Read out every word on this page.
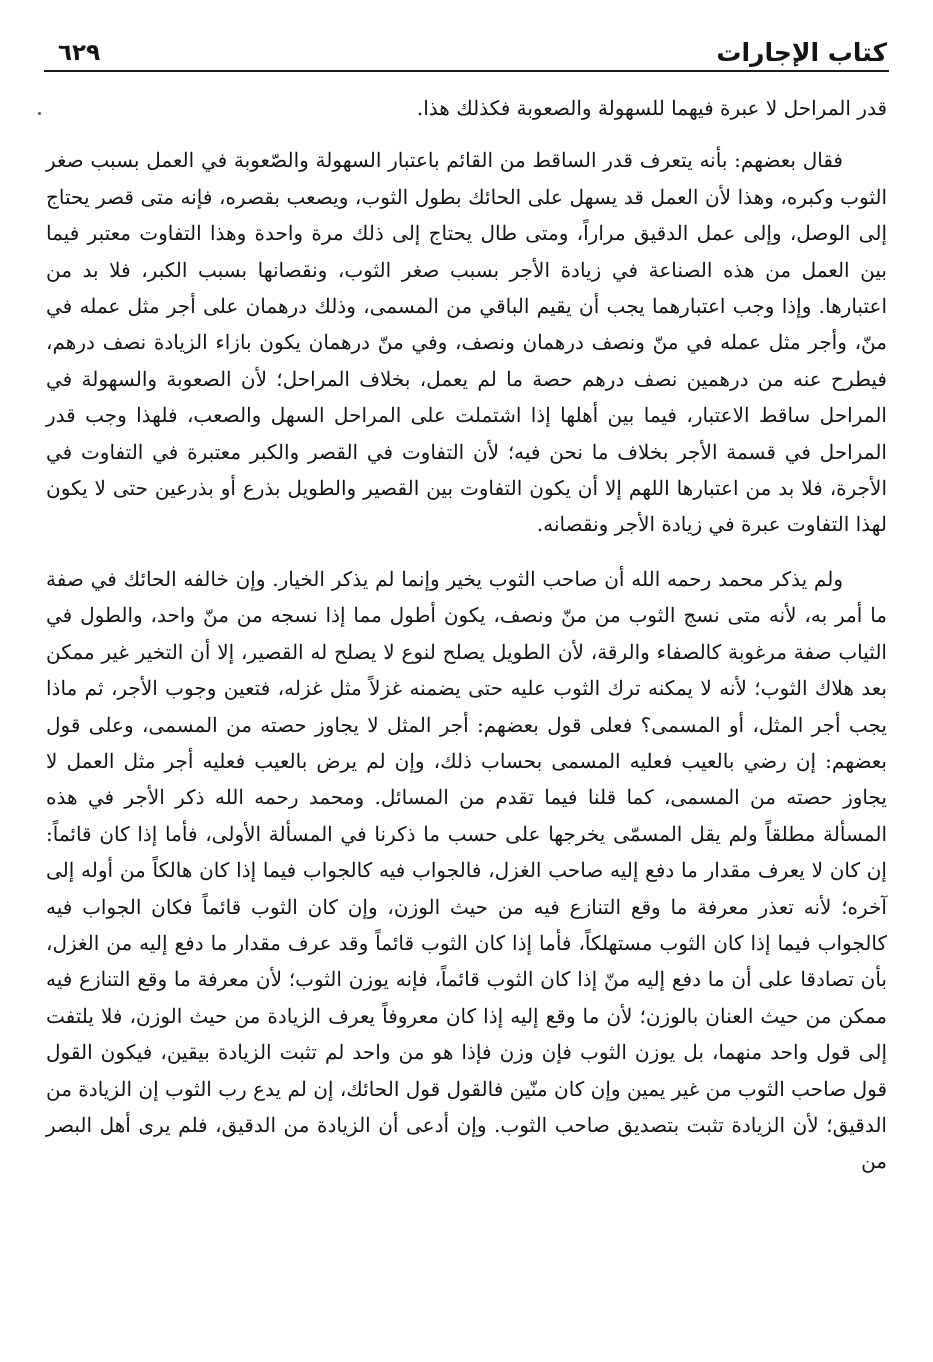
كتاب الإجارات
٦٢٩

قدر المراحل لا عبرة فيهما للسهولة والصعوبة فكذلك هذا.

فقال بعضهم: بأنه يتعرف قدر الساقط من القائم باعتبار السهولة والصّعوبة في العمل بسبب صغر الثوب وكبره، وهذا لأن العمل قد يسهل على الحائك بطول الثوب، ويصعب بقصره، فإنه متى قصر يحتاج إلى الوصل، وإلى عمل الدقيق مراراً، ومتى طال يحتاج إلى ذلك مرة واحدة وهذا التفاوت معتبر فيما بين العمل من هذه الصناعة في زيادة الأجر بسبب صغر الثوب، ونقصانها بسبب الكبر، فلا بد من اعتبارها. وإذا وجب اعتبارهما يجب أن يقيم الباقي من المسمى، وذلك درهمان على أجر مثل عمله في منّ، وأجر مثل عمله في منّ ونصف درهمان ونصف، وفي منّ درهمان يكون بازاء الزيادة نصف درهم، فيطرح عنه من درهمين نصف درهم حصة ما لم يعمل، بخلاف المراحل؛ لأن الصعوبة والسهولة في المراحل ساقط الاعتبار، فيما بين أهلها إذا اشتملت على المراحل السهل والصعب، فلهذا وجب قدر المراحل في قسمة الأجر بخلاف ما نحن فيه؛ لأن التفاوت في القصر والكبر معتبرة في التفاوت في الأجرة، فلا بد من اعتبارها اللهم إلا أن يكون التفاوت بين القصير والطويل بذرع أو بذرعين حتى لا يكون لهذا التفاوت عبرة في زيادة الأجر ونقصانه.

ولم يذكر محمد رحمه الله أن صاحب الثوب يخير وإنما لم يذكر الخيار. وإن خالفه الحائك في صفة ما أمر به، لأنه متى نسج الثوب من منّ ونصف، يكون أطول مما إذا نسجه من منّ واحد، والطول في الثياب صفة مرغوبة كالصفاء والرقة، لأن الطويل يصلح لنوع لا يصلح له القصير، إلا أن التخير غير ممكن بعد هلاك الثوب؛ لأنه لا يمكنه ترك الثوب عليه حتى يضمنه غزلاً مثل غزله، فتعين وجوب الأجر، ثم ماذا يجب أجر المثل، أو المسمى؟ فعلى قول بعضهم: أجر المثل لا يجاوز حصته من المسمى، وعلى قول بعضهم: إن رضي بالعيب فعليه المسمى بحساب ذلك، وإن لم يرض بالعيب فعليه أجر مثل العمل لا يجاوز حصته من المسمى، كما قلنا فيما تقدم من المسائل. ومحمد رحمه الله ذكر الأجر في هذه المسألة مطلقاً ولم يقل المسمّى يخرجها على حسب ما ذكرنا في المسألة الأولى، فأما إذا كان قائماً: إن كان لا يعرف مقدار ما دفع إليه صاحب الغزل، فالجواب فيه كالجواب فيما إذا كان هالكاً من أوله إلى آخره؛ لأنه تعذر معرفة ما وقع التنازع فيه من حيث الوزن، وإن كان الثوب قائماً فكان الجواب فيه كالجواب فيما إذا كان الثوب مستهلكاً، فأما إذا كان الثوب قائماً وقد عرف مقدار ما دفع إليه من الغزل، بأن تصادقا على أن ما دفع إليه منّ إذا كان الثوب قائماً، فإنه يوزن الثوب؛ لأن معرفة ما وقع التنازع فيه ممكن من حيث العنان بالوزن؛ لأن ما وقع إليه إذا كان معروفاً يعرف الزيادة من حيث الوزن، فلا يلتفت إلى قول واحد منهما، بل يوزن الثوب فإن وزن فإذا هو من واحد لم تثبت الزيادة بيقين، فيكون القول قول صاحب الثوب من غير يمين وإن كان منّين فالقول قول الحائك، إن لم يدع رب الثوب إن الزيادة من الدقيق؛ لأن الزيادة تثبت بتصديق صاحب الثوب. وإن أدعى أن الزيادة من الدقيق، فلم يرى أهل البصر من
